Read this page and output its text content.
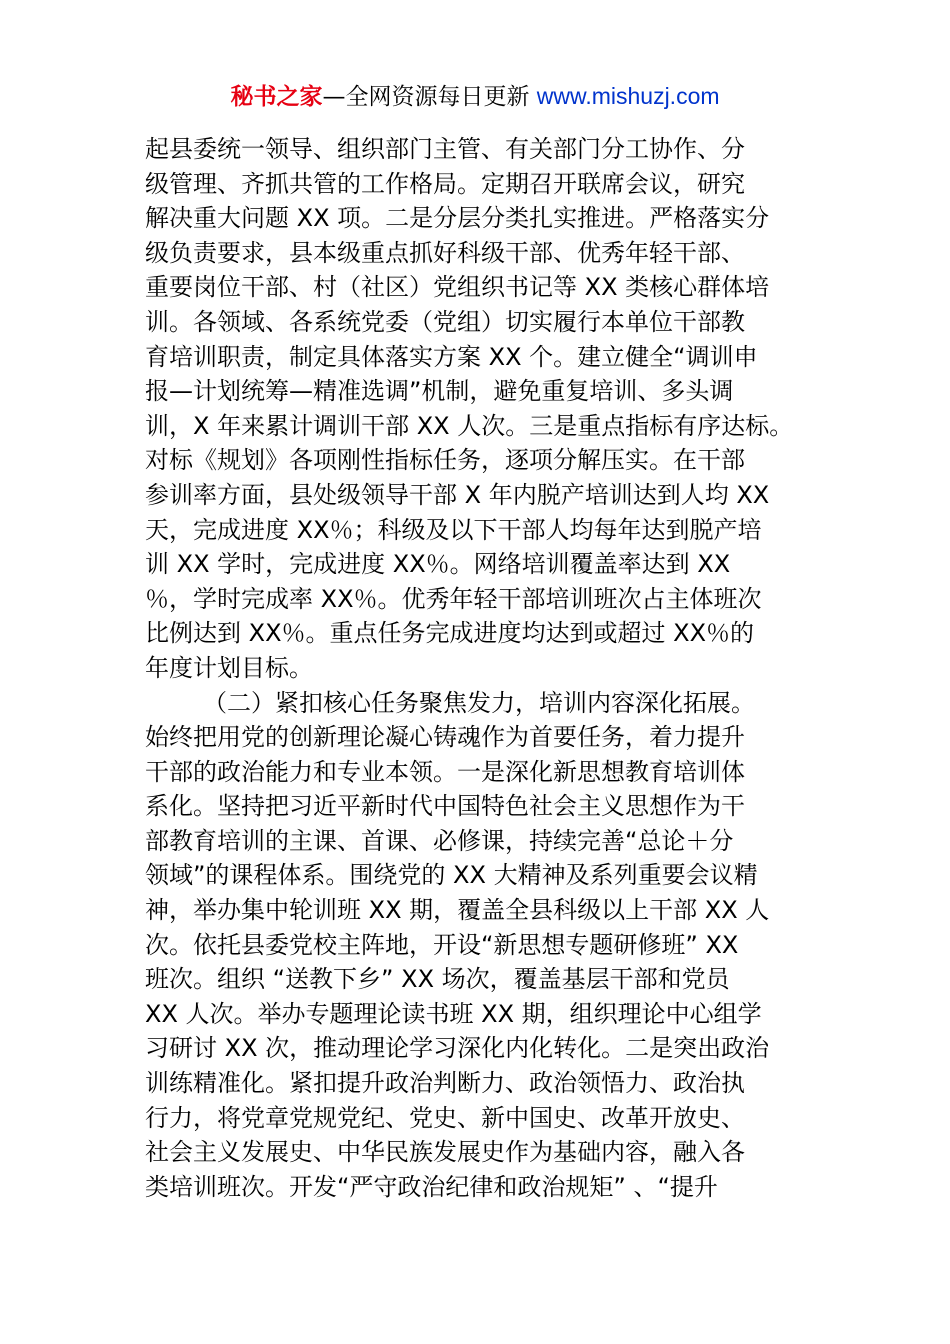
秘书之家—全网资源每日更新 www.mishuzj.com
起县委统一领导、组织部门主管、有关部门分工协作、分
级管理、齐抓共管的工作格局。定期召开联席会议，研究
解决重大问题 XX 项。二是分层分类扎实推进。严格落实分
级负责要求，县本级重点抓好科级干部、优秀年轻干部、
重要岗位干部、村（社区）党组织书记等 XX 类核心群体培
训。各领域、各系统党委（党组）切实履行本单位干部教
育培训职责，制定具体落实方案 XX 个。建立健全“调训申
报—计划统筹—精准选调”机制，避免重复培训、多头调
训，X 年来累计调训干部 XX 人次。三是重点指标有序达标。
对标《规划》各项刚性指标任务，逐项分解压实。在干部
参训率方面，县处级领导干部 X 年内脱产培训达到人均 XX
天，完成进度 XX％；科级及以下干部人均每年达到脱产培
训 XX 学时，完成进度 XX％。网络培训覆盖率达到 XX
％，学时完成率 XX％。优秀年轻干部培训班次占主体班次
比例达到 XX％。重点任务完成进度均达到或超过 XX％的
年度计划目标。
（二）紧扣核心任务聚焦发力，培训内容深化拓展。
始终把用党的创新理论凝心铸魂作为首要任务，着力提升
干部的政治能力和专业本领。一是深化新思想教育培训体
系化。坚持把习近平新时代中国特色社会主义思想作为干
部教育培训的主课、首课、必修课，持续完善“总论＋分
领域”的课程体系。围绕党的 XX 大精神及系列重要会议精
神，举办集中轮训班 XX 期，覆盖全县科级以上干部 XX 人
次。依托县委党校主阵地，开设“新思想专题研修班” XX
班次。组织 “送教下乡” XX 场次，覆盖基层干部和党员
XX 人次。举办专题理论读书班 XX 期，组织理论中心组学
习研讨 XX 次，推动理论学习深化内化转化。二是突出政治
训练精准化。紧扣提升政治判断力、政治领悟力、政治执
行力，将党章党规党纪、党史、新中国史、改革开放史、
社会主义发展史、中华民族发展史作为基础内容，融入各
类培训班次。开发“严守政治纪律和政治规矩” 、“提升
